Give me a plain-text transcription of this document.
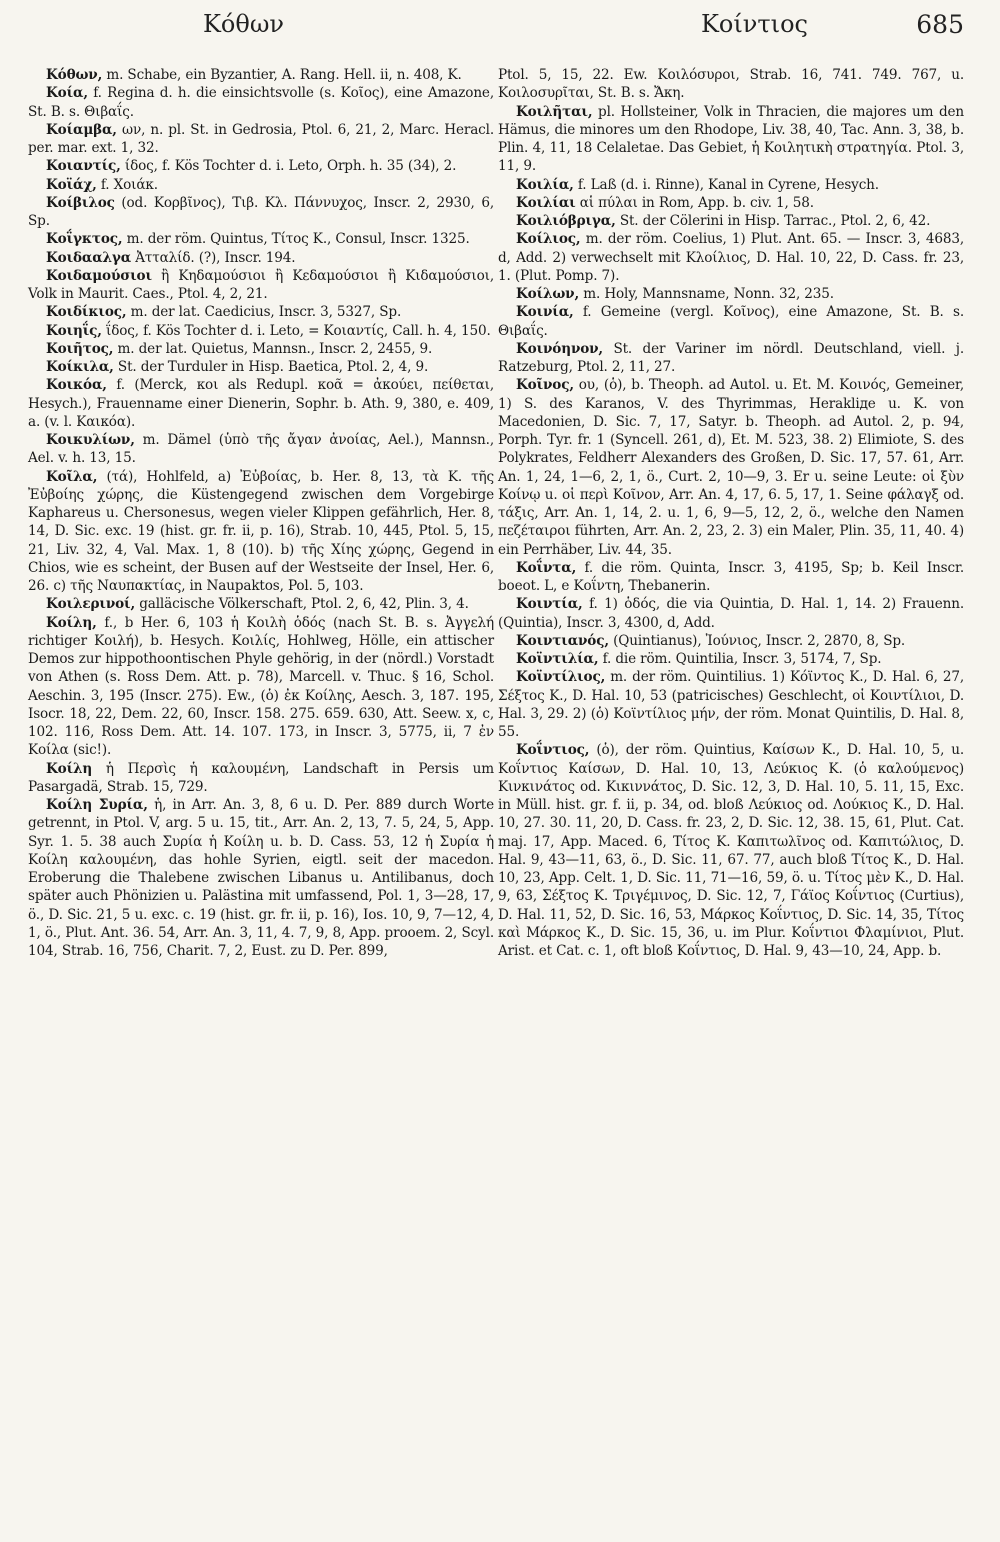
Κόθων	Κοίντιος	685

Κόθων, m. Schabe, ein Byzantier, A. Rang. Hell. ii, n. 408, K.

Κοία, f. Regina d. h. die einsichtsvolle (s. Κοῖος), eine Amazone, St. B. s. Θιβαΐς.

Κοίαμβα, ων, n. pl. St. in Gedrosia, Ptol. 6, 21, 2, Marc. Heracl. per. mar. ext. 1, 32.

Κοιαντίς, ίδος, f. Kös Tochter d. i. Leto, Orph. h. 35 (34), 2.

Κοϊάχ, f. Χοιάκ.

Κοίβιλος (od. Κορβῖνος), Τιβ. Κλ. Πάννυχος, Inscr. 2, 2930, 6, Sp.

Κοΐγκτος, m. der röm. Quintus, Τίτος Κ., Consul, Inscr. 1325.

Κοιδααλγα Ἀτταλίδ. (?), Inscr. 194.

Κοιδαμούσιοι ἢ Κηδαμούσιοι ἢ Κεδαμούσιοι ἢ Κιδαμούσιοι, Volk in Maurit. Caes., Ptol. 4, 2, 21.

Κοιδίκιος, m. der lat. Caedicius, Inscr. 3, 5327, Sp.

Κοιηΐς, ΐδος, f. Kös Tochter d. i. Leto, = Κοιαντίς, Call. h. 4, 150.

Κοιῆτος, m. der lat. Quietus, Mannsn., Inscr. 2, 2455, 9.

Κοίκιλα, St. der Turduler in Hisp. Baetica, Ptol. 2, 4, 9.

Κοικόα, f. (Merck, κοι als Redupl. κοᾶ = ἀκούει, πείθεται, Hesych.), Frauenname einer Dienerin, Sophr. b. Ath. 9, 380, e. 409, a. (v. l. Καικόα).

Κοικυλίων, m. Dämel (ὑπὸ τῆς ἄγαν ἀνοίας, Ael.), Mannsn., Ael. v. h. 13, 15.

Κοῖλα, (τά), Hohlfeld, a) Ἐὐβοίας, b. Her. 8, 13, τὰ Κ. τῆς Ἐὐβοίης χώρης, die Küstengegend zwischen dem Vorgebirge Kaphareus u. Chersonesus, wegen vieler Klippen gefährlich, Her. 8, 14, D. Sic. exc. 19 (hist. gr. fr. ii, p. 16), Strab. 10, 445, Ptol. 5, 15, 21, Liv. 32, 4, Val. Max. 1, 8 (10). b) τῆς Χίης χώρης, Gegend in Chios, wie es scheint, der Busen auf der Westseite der Insel, Her. 6, 26. c) τῆς Ναυπακτίας, in Naupaktos, Pol. 5, 103.

Κοιλερινοί, galläcische Völkerschaft, Ptol. 2, 6, 42, Plin. 3, 4.

Κοίλη, f., b Her. 6, 103 ἡ Κοιλὴ ὁδός (nach St. B. s. Ἀγγελή richtiger Κοιλή), b. Hesych. Κοιλίς, Hohlweg, Hölle, ein attischer Demos zur hippothoontischen Phyle gehörig, in der (nördl.) Vorstadt von Athen (s. Ross Dem. Att. p. 78), Marcell. v. Thuc. § 16, Schol. Aeschin. 3, 195 (Inscr. 275). Ew., (ὁ) ἐκ Κοίλης, Aesch. 3, 187. 195, Isocr. 18, 22, Dem. 22, 60, Inscr. 158. 275. 659. 630, Att. Seew. x, c, 102. 116, Ross Dem. Att. 14. 107. 173, in Inscr. 3, 5775, ii, 7 ἐν Κοίλα (sic!).

Κοίλη ἡ Περσὶς ἡ καλουμένη, Landschaft in Persis um Pasargadä, Strab. 15, 729.

Κοίλη Συρία, ἡ, in Arr. An. 3, 8, 6 u. D. Per. 889 durch Worte getrennt, in Ptol. V, arg. 5 u. 15, tit., Arr. An. 2, 13, 7. 5, 24, 5, App. Syr. 1. 5. 38 auch Συρία ἡ Κοίλη u. b. D. Cass. 53, 12 ἡ Συρία ἡ Κοίλη καλουμένη, das hohle Syrien, eigtl. seit der macedon. Eroberung die Thalebene zwischen Libanus u. Antilibanus, doch später auch Phönizien u. Palästina mit umfassend, Pol. 1, 3—28, 17, ö., D. Sic. 21, 5 u. exc. c. 19 (hist. gr. fr. ii, p. 16), Ios. 10, 9, 7—12, 4, 1, ö., Plut. Ant. 36. 54, Arr. An. 3, 11, 4. 7, 9, 8, App. prooem. 2, Scyl. 104, Strab. 16, 756, Charit. 7, 2, Eust. zu D. Per. 899,

Ptol. 5, 15, 22. Ew. Κοιλόσυροι, Strab. 16, 741. 749. 767, u. Κοιλοσυρῖται, St. B. s. Ἄκη.

Κοιλῆται, pl. Hollsteiner, Volk in Thracien, die majores um den Hämus, die minores um den Rhodope, Liv. 38, 40, Tac. Ann. 3, 38, b. Plin. 4, 11, 18 Celaletae. Das Gebiet, ἡ Κοιλητικὴ στρατηγία. Ptol. 3, 11, 9.

Κοιλία, f. Laß (d. i. Rinne), Kanal in Cyrene, Hesych.

Κοιλίαι αἱ πύλαι in Rom, App. b. civ. 1, 58.

Κοιλιόβριγα, St. der Cölerini in Hisp. Tarrac., Ptol. 2, 6, 42.

Κοίλιος, m. der röm. Coelius, 1) Plut. Ant. 65. — Inscr. 3, 4683, d, Add. 2) verwechselt mit Κλοίλιος, D. Hal. 10, 22, D. Cass. fr. 23, 1. (Plut. Pomp. 7).

Κοίλων, m. Holy, Mannsname, Nonn. 32, 235.

Κοινία, f. Gemeine (vergl. Κοῖνος), eine Amazone, St. B. s. Θιβαΐς.

Κοινόηνον, St. der Variner im nördl. Deutschland, viell. j. Ratzeburg, Ptol. 2, 11, 27.

Κοῖνος, ου, (ὁ), b. Theoph. ad Autol. u. Et. M. Κοινός, Gemeiner, 1) S. des Karanos, V. des Thyrimmas, Herakliде u. K. von Macedonien, D. Sic. 7, 17, Satyr. b. Theoph. ad Autol. 2, p. 94, Porph. Tyr. fr. 1 (Syncell. 261, d), Et. M. 523, 38. 2) Elimiote, S. des Polykrates, Feldherr Alexanders des Großen, D. Sic. 17, 57. 61, Arr. An. 1, 24, 1—6, 2, 1, ö., Curt. 2, 10—9, 3. Er u. seine Leute: οἱ ξὺν Κοίνῳ u. οἱ περὶ Κοῖνον, Arr. An. 4, 17, 6. 5, 17, 1. Seine φάλαγξ od. τάξις, Arr. An. 1, 14, 2. u. 1, 6, 9—5, 12, 2, ö., welche den Namen πεζέταιροι führten, Arr. An. 2, 23, 2. 3) ein Maler, Plin. 35, 11, 40. 4) ein Perrhäber, Liv. 44, 35.

Κοΐντα, f. die röm. Quinta, Inscr. 3, 4195, Sp; b. Keil Inscr. boeot. L, e Κοΐντη, Thebanerin.

Κοιντία, f. 1) ὁδός, die via Quintia, D. Hal. 1, 14. 2) Frauenn. (Quintia), Inscr. 3, 4300, d, Add.

Κοιντιανός, (Quintianus), Ἰούνιος, Inscr. 2, 2870, 8, Sp.

Κοϊντιλία, f. die röm. Quintilia, Inscr. 3, 5174, 7, Sp.

Κοϊντίλιος, m. der röm. Quintilius. 1) Κόϊντος Κ., D. Hal. 6, 27, Σέξτος Κ., D. Hal. 10, 53 (patricisches) Geschlecht, οἱ Κοιντίλιοι, D. Hal. 3, 29. 2) (ὁ) Κοϊντίλιος μήν, der röm. Monat Quintilis, D. Hal. 8, 55.

Κοΐντιος, (ὁ), der röm. Quintius, Καίσων Κ., D. Hal. 10, 5, u. Κοΐντιος Καίσων, D. Hal. 10, 13, Λεύκιος Κ. (ὁ καλούμενος) Κινκινάτος od. Κικιννάτος, D. Sic. 12, 3, D. Hal. 10, 5. 11, 15, Exc. in Müll. hist. gr. f. ii, p. 34, od. bloß Λεύκιος od. Λούκιος Κ., D. Hal. 10, 27. 30. 11, 20, D. Cass. fr. 23, 2, D. Sic. 12, 38. 15, 61, Plut. Cat. maj. 17, App. Maced. 6, Τίτος Κ. Καπιτωλῖνος od. Καπιτώλιος, D. Hal. 9, 43—11, 63, ö., D. Sic. 11, 67. 77, auch bloß Τίτος Κ., D. Hal. 10, 23, App. Celt. 1, D. Sic. 11, 71—16, 59, ö. u. Τίτος μὲν Κ., D. Hal. 9, 63, Σέξτος Κ. Τριγέμινος, D. Sic. 12, 7, Γάϊος Κοΐντιος (Curtius), D. Hal. 11, 52, D. Sic. 16, 53, Μάρκος Κοΐντιος, D. Sic. 14, 35, Τίτος καὶ Μάρκος Κ., D. Sic. 15, 36, u. im Plur. Κοΐντιοι Φλαμίνιοι, Plut. Arist. et Cat. c. 1, oft bloß Κοΐντιος, D. Hal. 9, 43—10, 24, App. b.
